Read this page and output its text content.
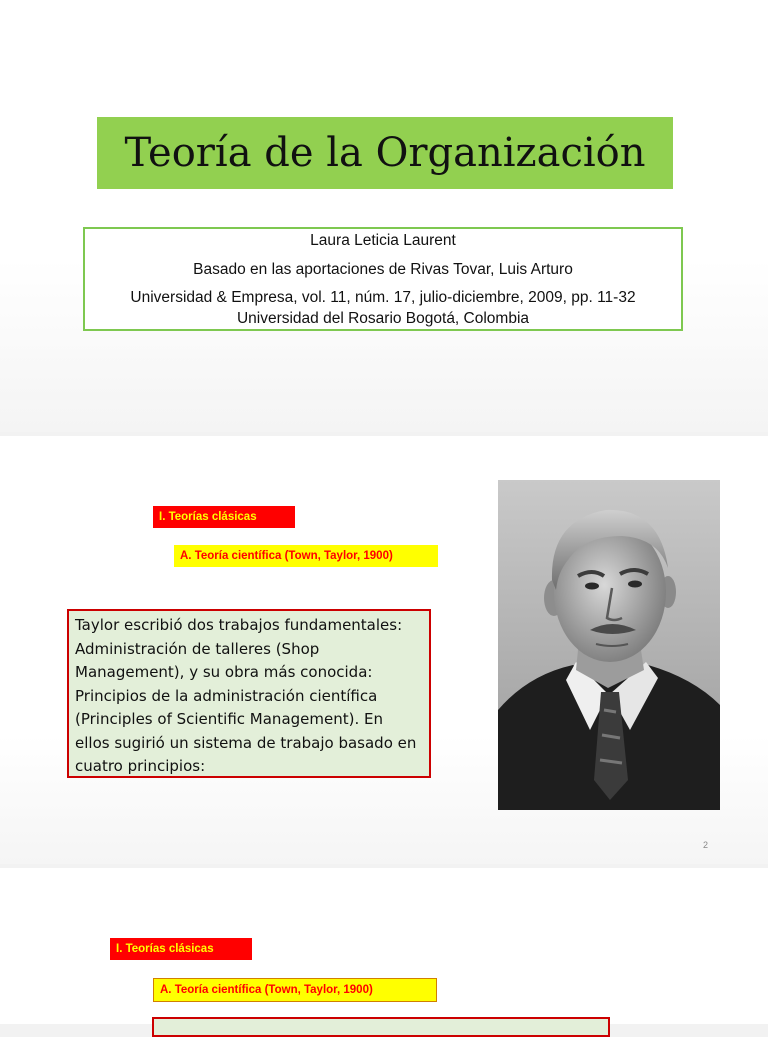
Teoría de la Organización
Laura Leticia Laurent
Basado en las aportaciones de Rivas Tovar, Luis Arturo
Universidad & Empresa, vol. 11, núm. 17, julio-diciembre, 2009, pp. 11-32
Universidad del Rosario Bogotá, Colombia
I. Teorías clásicas
A. Teoría científica (Town, Taylor, 1900)
Taylor escribió dos trabajos fundamentales:
Administración de talleres (Shop
Management), y su obra más conocida:
Principios de la administración científica
(Principles of Scientific Management). En
ellos sugirió un sistema de trabajo basado en
cuatro principios:
2
I. Teorías clásicas
A. Teoría científica (Town, Taylor, 1900)
